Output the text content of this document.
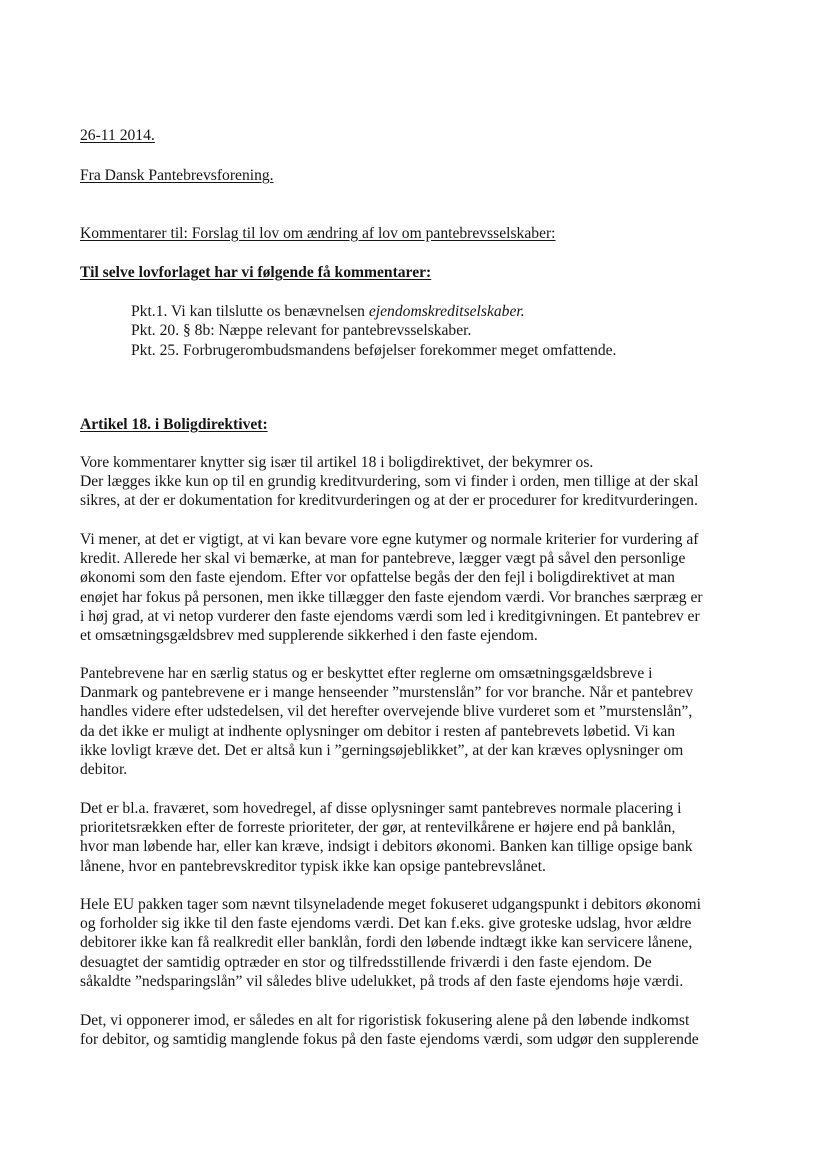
26-11 2014.

Fra Dansk Pantebrevsforening.

Kommentarer til: Forslag til lov om ændring af lov om pantebrevsselskaber:

Til selve lovforlaget har vi følgende få kommentarer:

Pkt.1. Vi kan tilslutte os benævnelsen ejendomskreditselskaber.

Pkt. 20. § 8b: Næppe relevant for pantebrevsselskaber.

Pkt. 25. Forbrugerombudsmandens beføjelser forekommer meget omfattende.

Artikel 18. i Boligdirektivet:

Vore kommentarer knytter sig især til artikel 18 i boligdirektivet, der bekymrer os.
Der lægges ikke kun op til en grundig kreditvurdering, som vi finder i orden, men tillige at der skal
sikres, at der er dokumentation for kreditvurderingen og at der er procedurer for kreditvurderingen.
Vi mener, at det er vigtigt, at vi kan bevare vore egne kutymer og normale kriterier for vurdering af
kredit. Allerede her skal vi bemærke, at man for pantebreve, lægger vægt på såvel den personlige
økonomi som den faste ejendom. Efter vor opfattelse begås der den fejl i boligdirektivet at man
enøjet har fokus på personen, men ikke tillægger den faste ejendom værdi. Vor branches særpræg er
i høj grad, at vi netop vurderer den faste ejendoms værdi som led i kreditgivningen. Et pantebrev er
et omsætningsgældsbrev med supplerende sikkerhed i den faste ejendom.
Pantebrevene har en særlig status og er beskyttet efter reglerne om omsætningsgældsbreve i
Danmark og pantebrevene er i mange henseender ”murstenslån” for vor branche. Når et pantebrev
handles videre efter udstedelsen, vil det herefter overvejende blive vurderet som et ”murstenslån”,
da det ikke er muligt at indhente oplysninger om debitor i resten af pantebrevets løbetid. Vi kan
ikke lovligt kræve det. Det er altså kun i ”gerningsøjeblikket”, at der kan kræves oplysninger om
debitor.
Det er bl.a. fraværet, som hovedregel, af disse oplysninger samt pantebreves normale placering i
prioritetsrækken efter de forreste prioriteter, der gør, at rentevilkårene er højere end på banklån,
hvor man løbende har, eller kan kræve, indsigt i debitors økonomi. Banken kan tillige opsige bank
lånene, hvor en pantebrevskreditor typisk ikke kan opsige pantebrevslånet.
Hele EU pakken tager som nævnt tilsyneladende meget fokuseret udgangspunkt i debitors økonomi
og forholder sig ikke til den faste ejendoms værdi. Det kan f.eks. give groteske udslag, hvor ældre
debitorer ikke kan få realkredit eller banklån, fordi den løbende indtægt ikke kan servicere lånene,
desuagtet der samtidig optræder en stor og tilfredsstillende friværdi i den faste ejendom. De
såkaldte ”nedsparingslån” vil således blive udelukket, på trods af den faste ejendoms høje værdi.
Det, vi opponerer imod, er således en alt for rigoristisk fokusering alene på den løbende indkomst
for debitor, og samtidig manglende fokus på den faste ejendoms værdi, som udgør den supplerende
